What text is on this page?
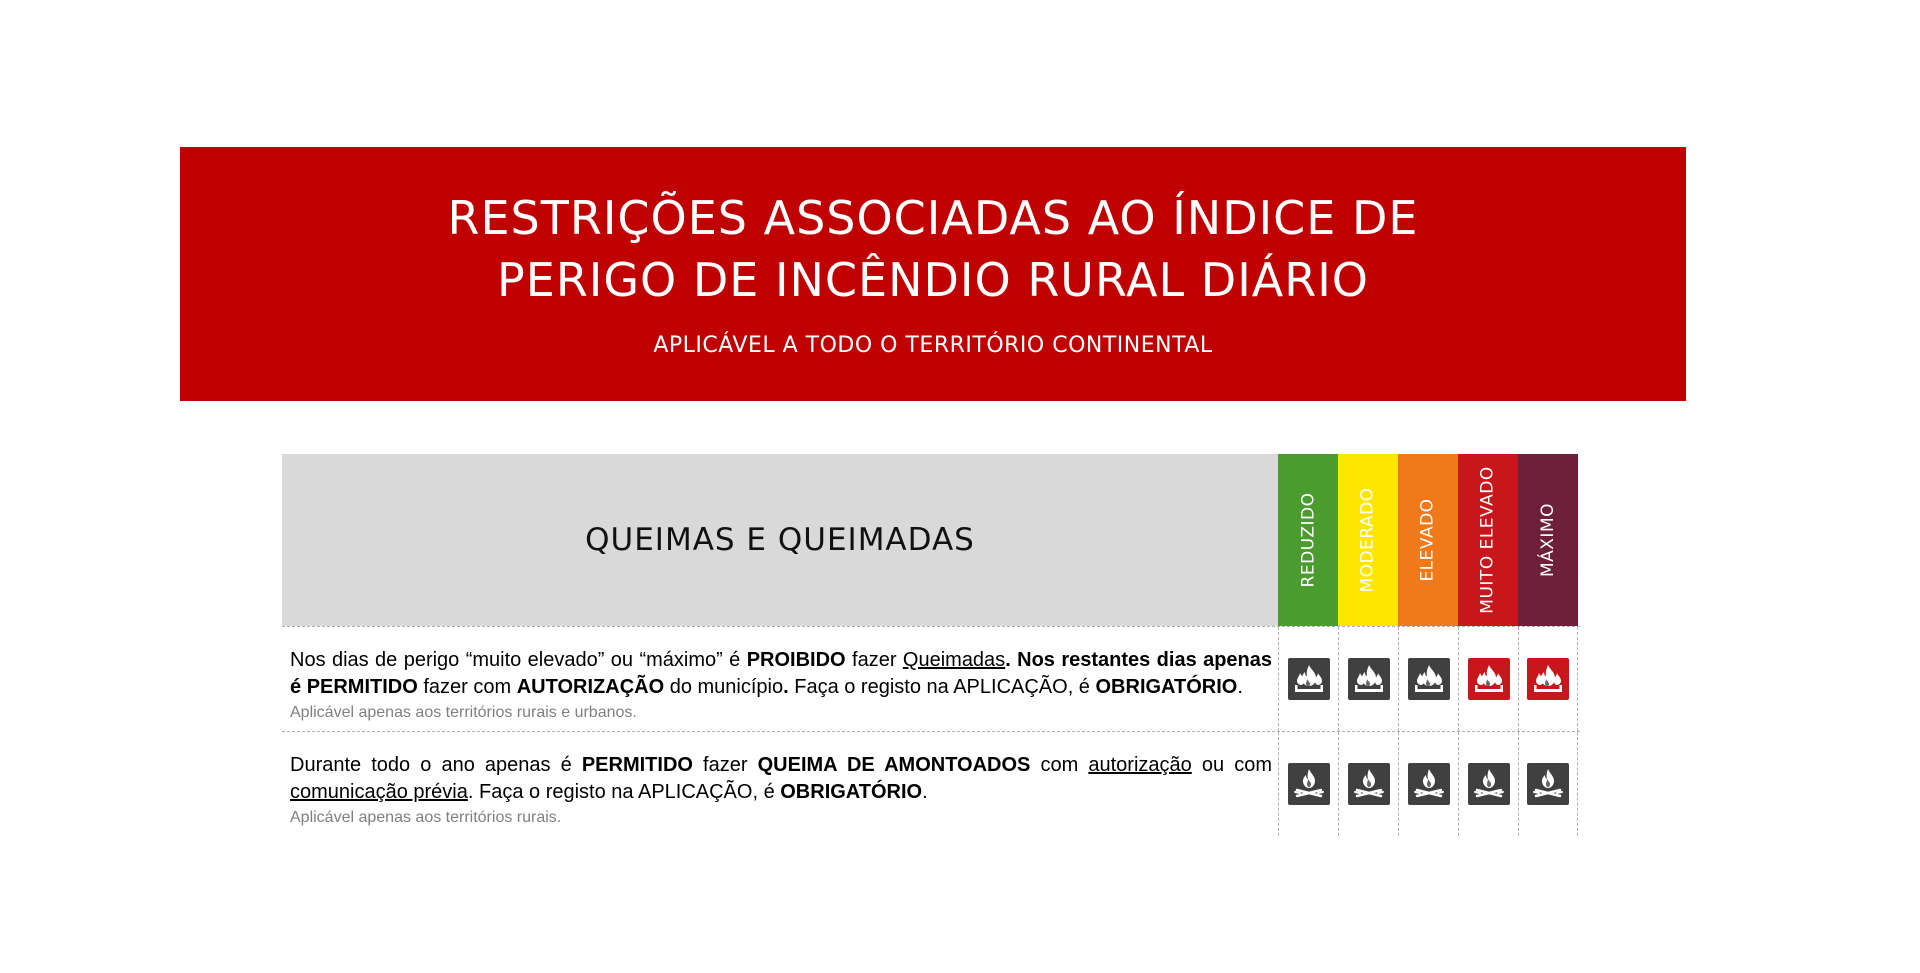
RESTRIÇÕES ASSOCIADAS AO ÍNDICE DE
PERIGO DE INCÊNDIO RURAL DIÁRIO
APLICÁVEL A TODO O TERRITÓRIO CONTINENTAL
QUEIMAS E QUEIMADAS	REDUZIDO MODERADO ELEVADO MUITO ELEVADO MÁXIMO
Nos dias de perigo “muito elevado” ou “máximo” é PROIBIDO fazer Queimadas. Nos restantes dias apenas é PERMITIDO fazer com AUTORIZAÇÃO do município. Faça o registo na APLICAÇÃO, é OBRIGATÓRIO.
Aplicável apenas aos territórios rurais e urbanos.
Durante todo o ano apenas é PERMITIDO fazer QUEIMA DE AMONTOADOS com autorização ou com comunicação prévia. Faça o registo na APLICAÇÃO, é OBRIGATÓRIO.
Aplicável apenas aos territórios rurais.
